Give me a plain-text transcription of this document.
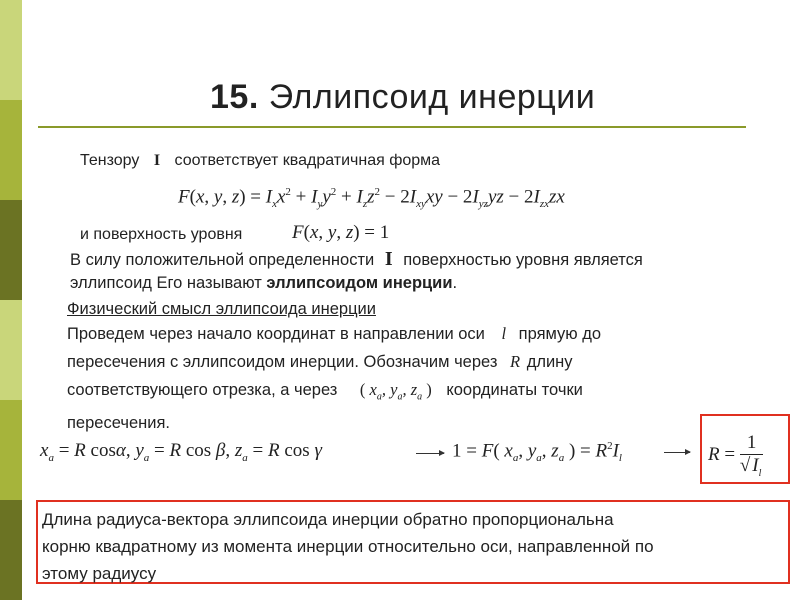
15. Эллипсоид инерции
Тензору I соответствует квадратичная форма
F(x, y, $z) = I_xx^2 + I_yy^2 + I_zz^2 - 2I_{xy}xy - 2I_{yz}yz - 2I_{zx}zx$
и поверхность уровня	F(x, y, z) = 1
В силу положительной определенности I поверхностью уровня является
эллипсоид Его называют эллипсоидом инерции.
Физический смысл эллипсоида инерции
Проведем через начало координат в направлении оси l прямую до
пересечения с эллипсоидом инерции. Обозначим через R длину
соответствующего отрезка, а через ( $x_a$, $y_a$, $z_a$ ) координаты точки
пересечения.
$x_a = R$ cosα, $y_a = R$ cos β, $z_a = R$ cos γ	1 = F( $x_a$, $y_a$, $z_a$ ) = $R^2I_l$	$R = \frac{1}{√ I_l}$
Длина радиуса-вектора эллипсоида инерции обратно пропорциональна
корню квадратному из момента инерции относительно оси, направленной по
этому радиусу
